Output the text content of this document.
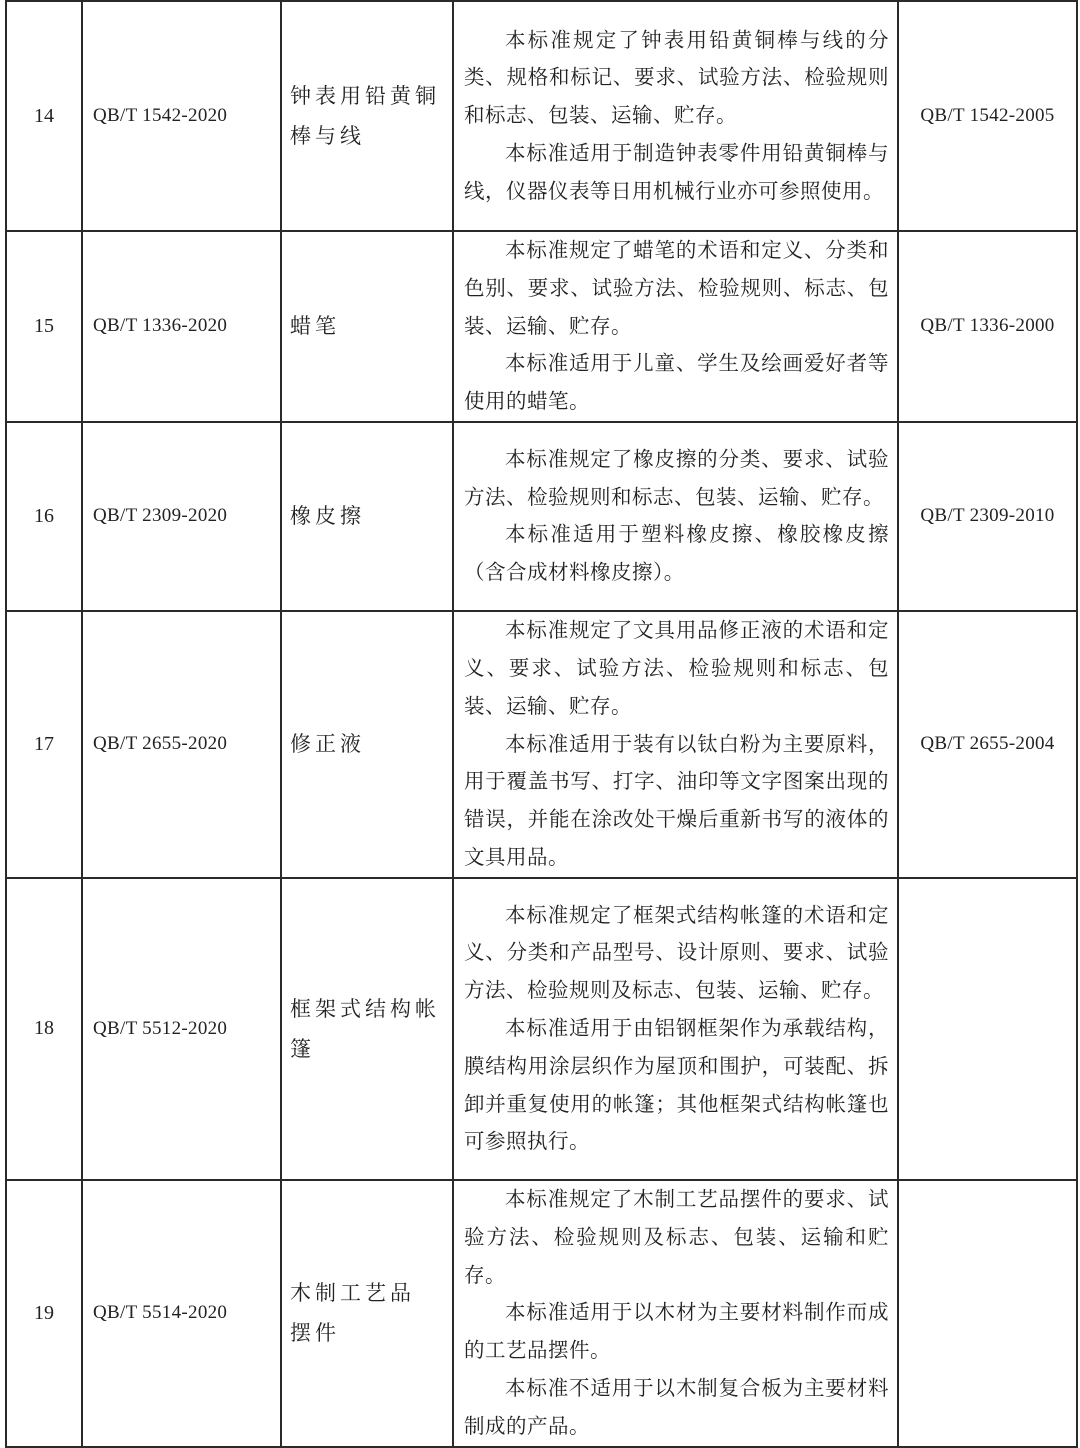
14	QB/T 1542-2020	钟表用铅黄铜棒与线	本标准规定了钟表用铅黄铜棒与线的分类、规格和标记、要求、试验方法、检验规则和标志、包装、运输、贮存。

本标准适用于制造钟表零件用铅黄铜棒与线，仪器仪表等日用机械行业亦可参照使用。	QB/T 1542-2005
15	QB/T 1336-2020	蜡笔	本标准规定了蜡笔的术语和定义、分类和色别、要求、试验方法、检验规则、标志、包装、运输、贮存。

本标准适用于儿童、学生及绘画爱好者等使用的蜡笔。	QB/T 1336-2000
16	QB/T 2309-2020	橡皮擦	本标准规定了橡皮擦的分类、要求、试验方法、检验规则和标志、包装、运输、贮存。

本标准适用于塑料橡皮擦、橡胶橡皮擦（含合成材料橡皮擦）。	QB/T 2309-2010
17	QB/T 2655-2020	修正液	本标准规定了文具用品修正液的术语和定义、要求、试验方法、检验规则和标志、包装、运输、贮存。

本标准适用于装有以钛白粉为主要原料，用于覆盖书写、打字、油印等文字图案出现的错误，并能在涂改处干燥后重新书写的液体的文具用品。	QB/T 2655-2004
18	QB/T 5512-2020	框架式结构帐篷	本标准规定了框架式结构帐篷的术语和定义、分类和产品型号、设计原则、要求、试验方法、检验规则及标志、包装、运输、贮存。

本标准适用于由铝钢框架作为承载结构，膜结构用涂层织作为屋顶和围护，可装配、拆卸并重复使用的帐篷；其他框架式结构帐篷也可参照执行。	

19	QB/T 5514-2020	木制工艺品 摆件	本标准规定了木制工艺品摆件的要求、试验方法、检验规则及标志、包装、运输和贮存。

本标准适用于以木材为主要材料制作而成的工艺品摆件。

本标准不适用于以木制复合板为主要材料制成的产品。	
